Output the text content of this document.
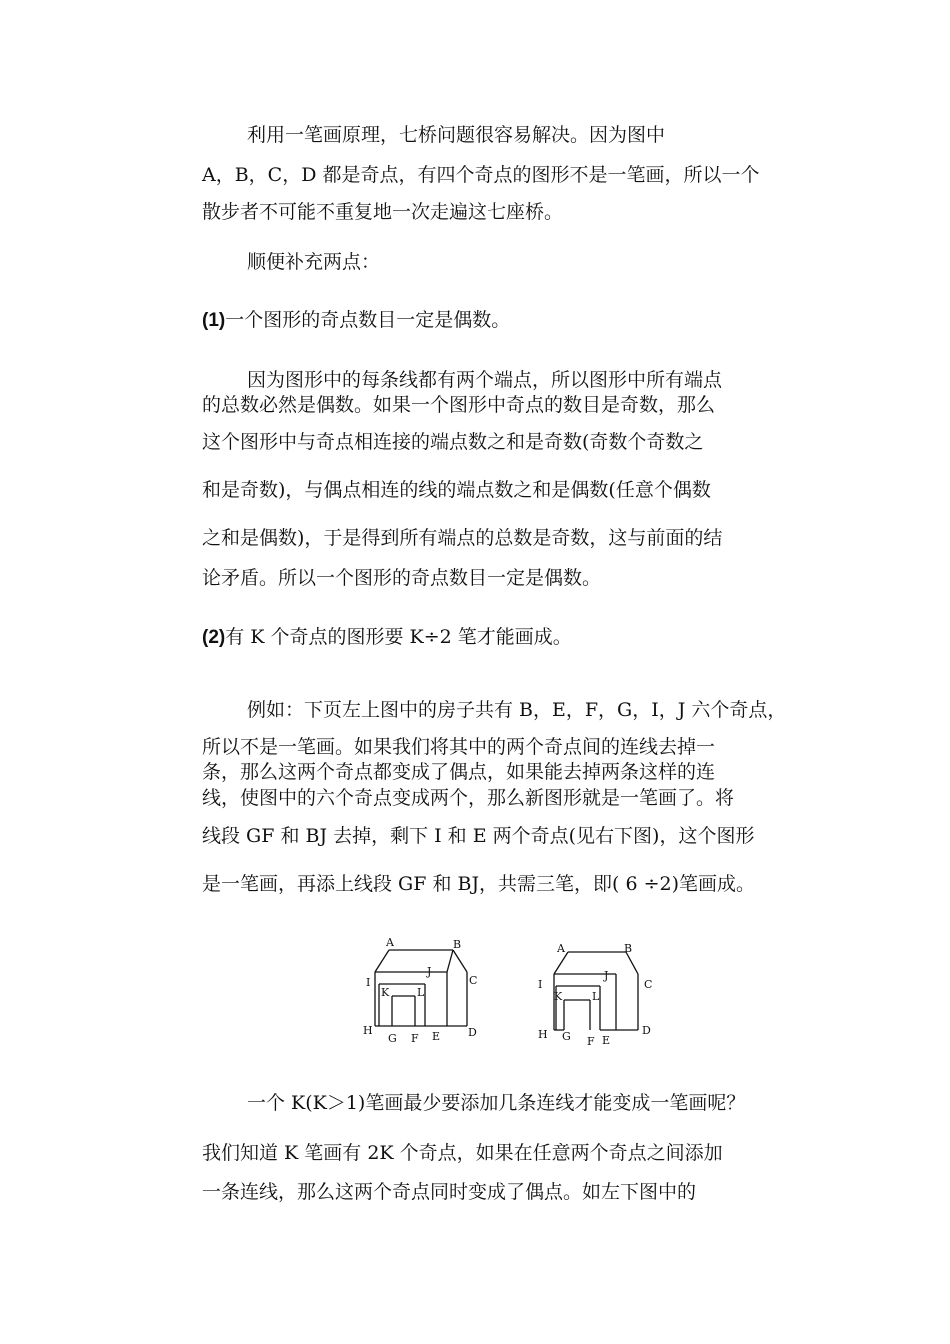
利用一笔画原理，七桥问题很容易解决。因为图中
A，B，C，D 都是奇点，有四个奇点的图形不是一笔画，所以一个
散步者不可能不重复地一次走遍这七座桥。
顺便补充两点：
(1)一个图形的奇点数目一定是偶数。
因为图形中的每条线都有两个端点，所以图形中所有端点
的总数必然是偶数。如果一个图形中奇点的数目是奇数，那么
这个图形中与奇点相连接的端点数之和是奇数(奇数个奇数之
和是奇数)，与偶点相连的线的端点数之和是偶数(任意个偶数
之和是偶数)，于是得到所有端点的总数是奇数，这与前面的结
论矛盾。所以一个图形的奇点数目一定是偶数。
(2)有 K 个奇点的图形要 K÷2 笔才能画成。
例如：下页左上图中的房子共有 B，E，F，G，I，J 六个奇点，
所以不是一笔画。如果我们将其中的两个奇点间的连线去掉一
条，那么这两个奇点都变成了偶点，如果能去掉两条这样的连
线，使图中的六个奇点变成两个，那么新图形就是一笔画了。将
线段 GF 和 BJ 去掉，剩下 I 和 E 两个奇点(见右下图)，这个图形
是一笔画，再添上线段 GF 和 BJ，共需三笔，即( 6 ÷2)笔画成。
A	B
C
D
E
F
G
H
I
J
K	L
A	B
C
D
E
F
G
H
I
J
K	L
一个 K(K＞1)笔画最少要添加几条连线才能变成一笔画呢？
我们知道 K 笔画有 2K 个奇点，如果在任意两个奇点之间添加
一条连线，那么这两个奇点同时变成了偶点。如左下图中的
